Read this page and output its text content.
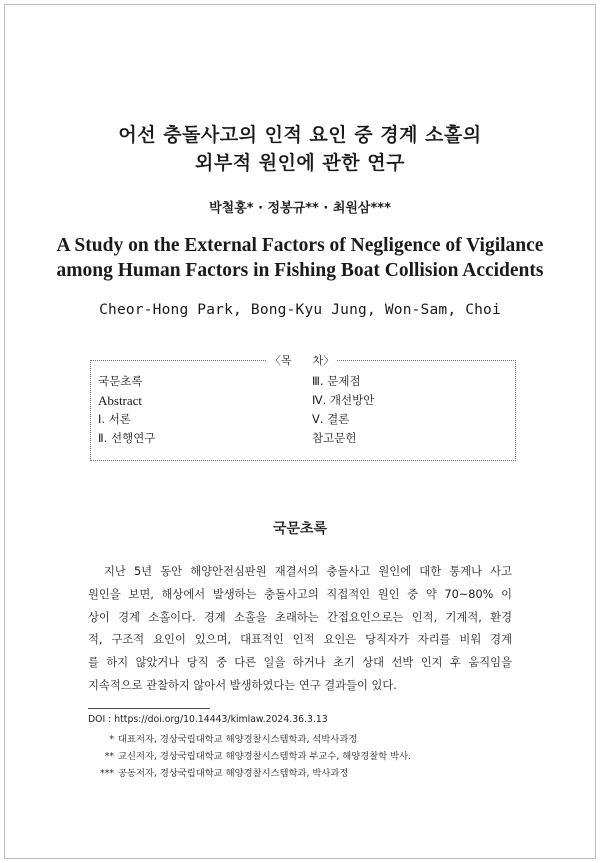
어선 충돌사고의 인적 요인 중 경계 소홀의
외부적 원인에 관한 연구
박철홍* · 정봉규** · 최원삼***
A Study on the External Factors of Negligence of Vigilance
among Human Factors in Fishing Boat Collision Accidents
Cheor-Hong Park, Bong-Kyu Jung, Won-Sam, Choi
〈목      차〉
국문초록
Abstract
Ⅰ. 서론
Ⅱ. 선행연구
Ⅲ. 문제점
Ⅳ. 개선방안
Ⅴ. 결론
참고문헌
국문초록
지난 5년 동안 해양안전심판원 재결서의 충돌사고 원인에 대한 통계나 사고
원인을 보면, 해상에서 발생하는 충돌사고의 직접적인 원인 중 약 70~80% 이
상이 경계 소홀이다. 경계 소홀을 초래하는 간접요인으로는 인적, 기계적, 환경
적, 구조적 요인이 있으며, 대표적인 인적 요인은 당직자가 자리를 비워 경계
를 하지 않았거나 당직 중 다른 일을 하거나 초기 상대 선박 인지 후 움직임을
지속적으로 관찰하지 않아서 발생하였다는 연구 결과들이 있다.
DOI : https://doi.org/10.14443/kimlaw.2024.36.3.13
* 대표저자, 경상국립대학교 해양경찰시스템학과, 석박사과정
** 교신저자, 경상국립대학교 해양경찰시스템학과 부교수, 해양경찰학 박사.
*** 공동저자, 경상국립대학교 해양경찰시스템학과, 박사과정
